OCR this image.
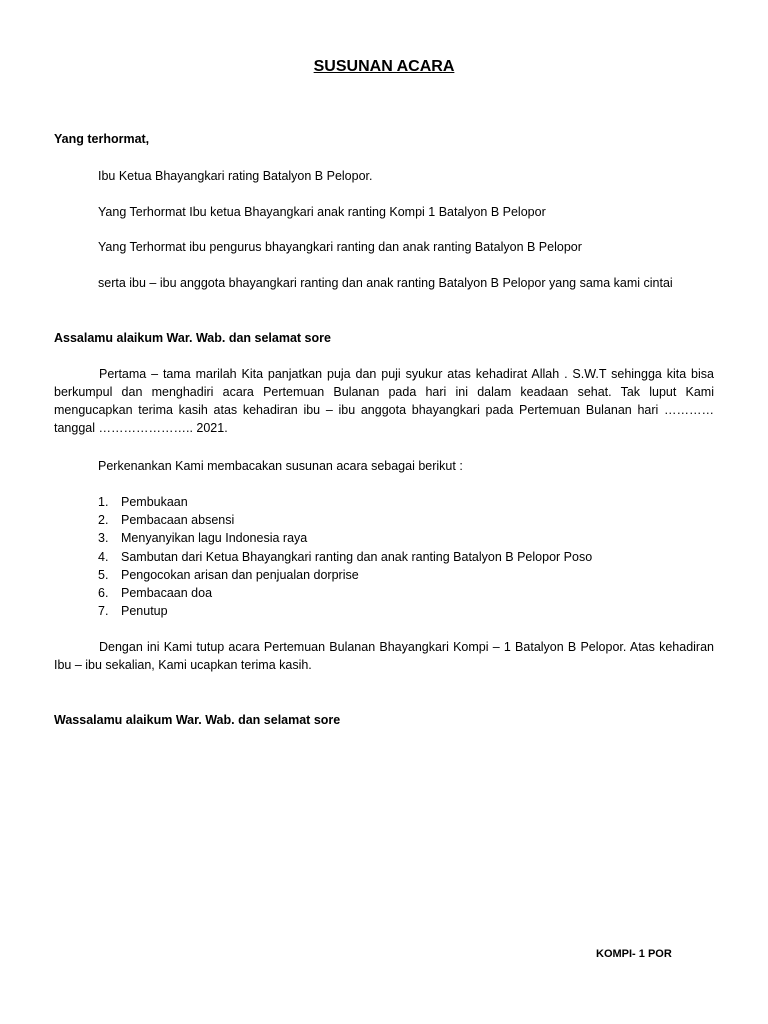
SUSUNAN ACARA
Yang terhormat,
Ibu Ketua Bhayangkari rating Batalyon B Pelopor.
Yang Terhormat Ibu ketua Bhayangkari anak ranting Kompi 1 Batalyon B Pelopor
Yang Terhormat ibu pengurus bhayangkari ranting dan anak ranting Batalyon B Pelopor
serta ibu – ibu anggota bhayangkari ranting dan anak ranting Batalyon B Pelopor yang sama kami cintai
Assalamu alaikum War. Wab. dan selamat sore
Pertama – tama marilah Kita panjatkan puja dan puji syukur atas kehadirat Allah . S.W.T sehingga kita bisa berkumpul dan menghadiri acara Pertemuan Bulanan pada hari ini dalam keadaan sehat. Tak luput Kami mengucapkan terima kasih atas kehadiran ibu – ibu anggota bhayangkari pada Pertemuan Bulanan hari ………… tanggal ………………….. 2021.
Perkenankan Kami membacakan susunan acara sebagai berikut :
1.	Pembukaan
2.	Pembacaan absensi
3.	Menyanyikan lagu Indonesia raya
4.	Sambutan dari Ketua Bhayangkari ranting dan anak ranting Batalyon B Pelopor Poso
5.	Pengocokan arisan dan penjualan dorprise
6.	Pembacaan doa
7.	Penutup
Dengan ini Kami tutup acara Pertemuan Bulanan Bhayangkari Kompi – 1 Batalyon B Pelopor. Atas kehadiran Ibu – ibu sekalian, Kami ucapkan terima kasih.
Wassalamu alaikum War. Wab. dan selamat sore
KOMPI- 1 POR
